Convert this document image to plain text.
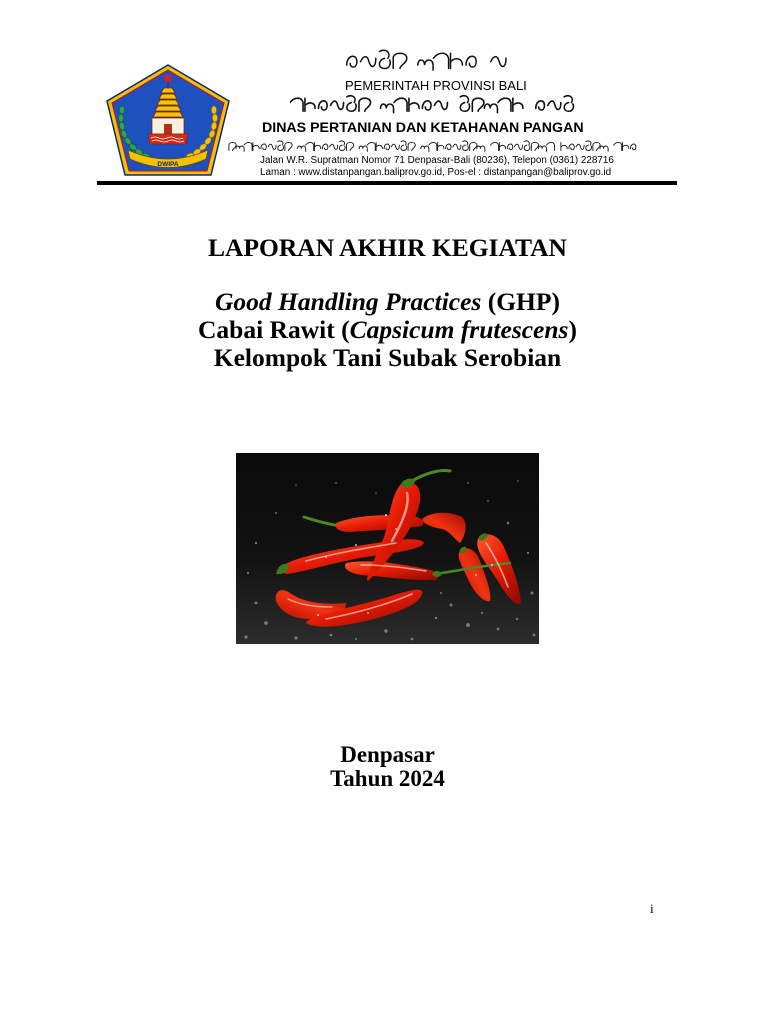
DWIPA
PEMERINTAH PROVINSI BALI
DINAS PERTANIAN DAN KETAHANAN PANGAN
Jalan W.R. Supratman Nomor 71 Denpasar-Bali (80236), Telepon (0361) 228716
Laman : www.distanpangan.baliprov.go.id, Pos-el : distanpangan@baliprov.go.id
LAPORAN AKHIR KEGIATAN
Good Handling Practices (GHP)
Cabai Rawit (Capsicum frutescens)
Kelompok Tani Subak Serobian
Denpasar
Tahun 2024
i
